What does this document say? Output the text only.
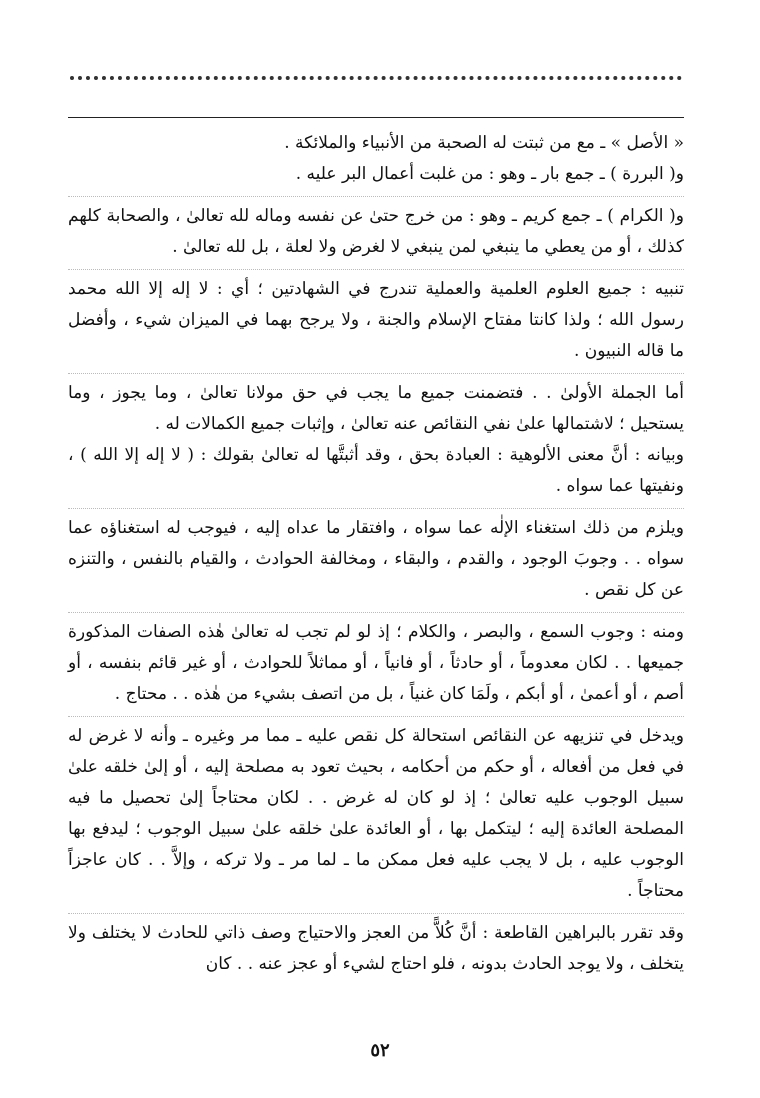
« الأصل » ـ مع من ثبتت له الصحبة من الأنبياء والملائكة .

و( البررة ) ـ جمع بار ـ وهو : من غلبت أعمال البر عليه .

و( الكرام ) ـ جمع كريم ـ وهو : من خرج حتىٰ عن نفسه وماله لله تعالىٰ ، والصحابة كلهم كذلك ، أو من يعطي ما ينبغي لمن ينبغي لا لغرض ولا لعلة ، بل لله تعالىٰ .

تنبيه : جميع العلوم العلمية والعملية تندرج في الشهادتين ؛ أي : لا إله إلا الله محمد رسول الله ؛ ولذا كانتا مفتاح الإسلام والجنة ، ولا يرجح بهما في الميزان شيء ، وأفضل ما قاله النبيون .

أما الجملة الأولىٰ . . فتضمنت جميع ما يجب في حق مولانا تعالىٰ ، وما يجوز ، وما يستحيل ؛ لاشتمالها علىٰ نفي النقائص عنه تعالىٰ ، وإثبات جميع الكمالات له .

وبيانه : أنَّ معنى الألوهية : العبادة بحق ، وقد أثبتَّها له تعالىٰ بقولك : ( لا إله إلا الله ) ، ونفيتها عما سواه .

ويلزم من ذلك استغناء الإلٰه عما سواه ، وافتقار ما عداه إليه ، فيوجب له استغناؤه عما سواه . . وجوبَ الوجود ، والقدم ، والبقاء ، ومخالفة الحوادث ، والقيام بالنفس ، والتنزه عن كل نقص .

ومنه : وجوب السمع ، والبصر ، والكلام ؛ إذ لو لم تجب له تعالىٰ هٰذه الصفات المذكورة جميعها . . لكان معدوماً ، أو حادثاً ، أو فانياً ، أو مماثلاً للحوادث ، أو غير قائم بنفسه ، أو أصم ، أو أعمىٰ ، أو أبكم ، ولَمَا كان غنياً ، بل من اتصف بشيء من هٰذه . . محتاج .

ويدخل في تنزيهه عن النقائص استحالة كل نقص عليه ـ مما مر وغيره ـ وأنه لا غرض له في فعل من أفعاله ، أو حكم من أحكامه ، بحيث تعود به مصلحة إليه ، أو إلىٰ خلقه علىٰ سبيل الوجوب عليه تعالىٰ ؛ إذ لو كان له غرض . . لكان محتاجاً إلىٰ تحصيل ما فيه المصلحة العائدة إليه ؛ ليتكمل بها ، أو العائدة علىٰ خلقه علىٰ سبيل الوجوب ؛ ليدفع بها الوجوب عليه ، بل لا يجب عليه فعل ممكن ما ـ لما مر ـ ولا تركه ، وإلاَّ . . كان عاجزاً محتاجاً .

وقد تقرر بالبراهين القاطعة : أنَّ كُلاًّ من العجز والاحتياج وصف ذاتي للحادث لا يختلف ولا يتخلف ، ولا يوجد الحادث بدونه ، فلو احتاج لشيء أو عجز عنه . . كان

٥٢
